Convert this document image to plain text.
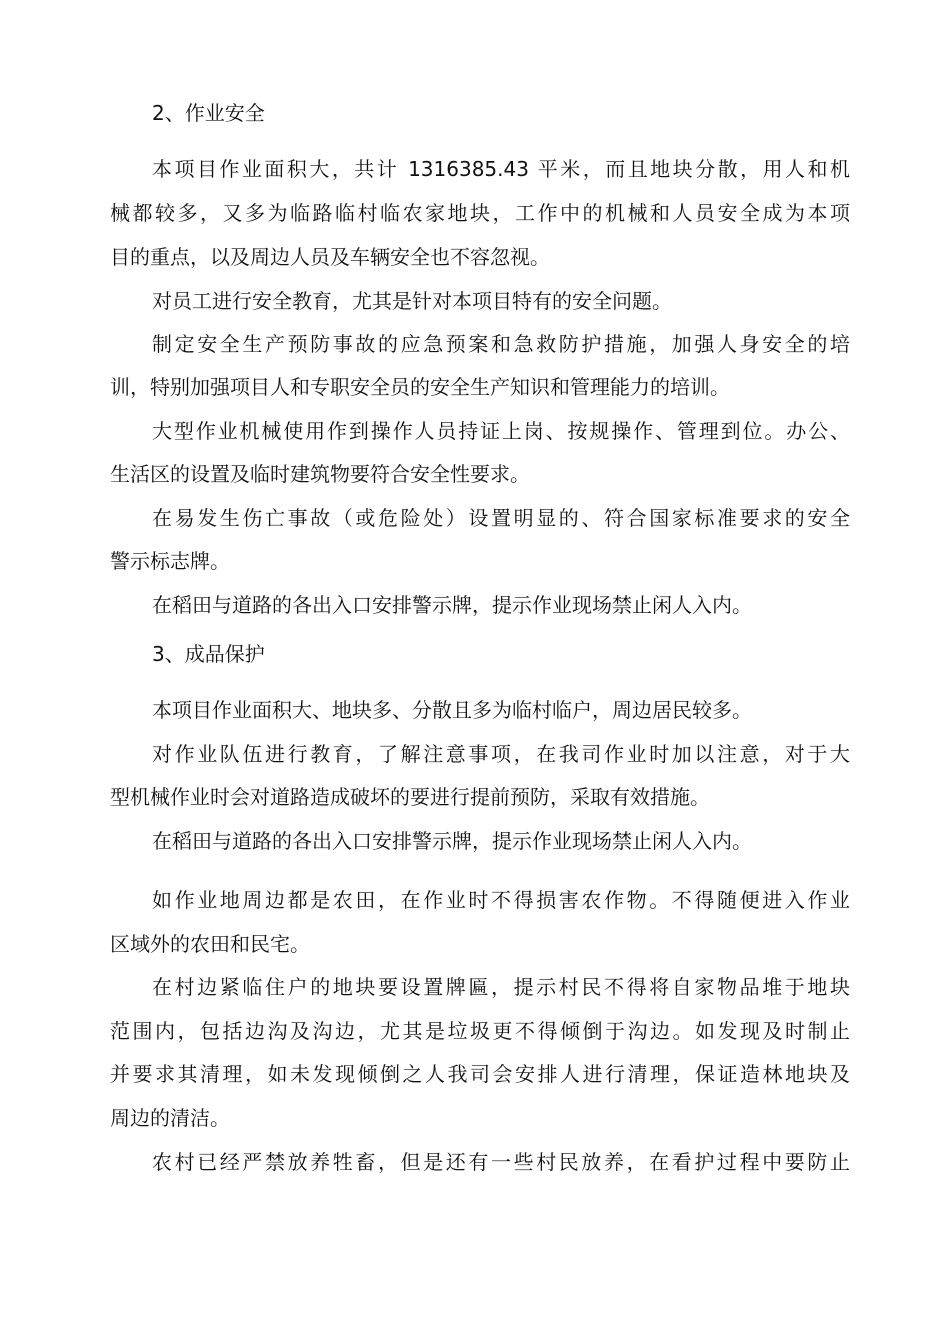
2、作业安全
本项目作业面积大，共计 1316385.43 平米，而且地块分散，用人和机
械都较多，又多为临路临村临农家地块，工作中的机械和人员安全成为本项
目的重点，以及周边人员及车辆安全也不容忽视。
对员工进行安全教育，尤其是针对本项目特有的安全问题。
制定安全生产预防事故的应急预案和急救防护措施，加强人身安全的培
训，特别加强项目人和专职安全员的安全生产知识和管理能力的培训。
大型作业机械使用作到操作人员持证上岗、按规操作、管理到位。办公、
生活区的设置及临时建筑物要符合安全性要求。
在易发生伤亡事故（或危险处）设置明显的、符合国家标准要求的安全
警示标志牌。
在稻田与道路的各出入口安排警示牌，提示作业现场禁止闲人入内。
3、成品保护
本项目作业面积大、地块多、分散且多为临村临户，周边居民较多。
对作业队伍进行教育，了解注意事项，在我司作业时加以注意，对于大
型机械作业时会对道路造成破坏的要进行提前预防，采取有效措施。
在稻田与道路的各出入口安排警示牌，提示作业现场禁止闲人入内。
如作业地周边都是农田，在作业时不得损害农作物。不得随便进入作业
区域外的农田和民宅。
在村边紧临住户的地块要设置牌匾，提示村民不得将自家物品堆于地块
范围内，包括边沟及沟边，尤其是垃圾更不得倾倒于沟边。如发现及时制止
并要求其清理，如未发现倾倒之人我司会安排人进行清理，保证造林地块及
周边的清洁。
农村已经严禁放养牲畜，但是还有一些村民放养，在看护过程中要防止
